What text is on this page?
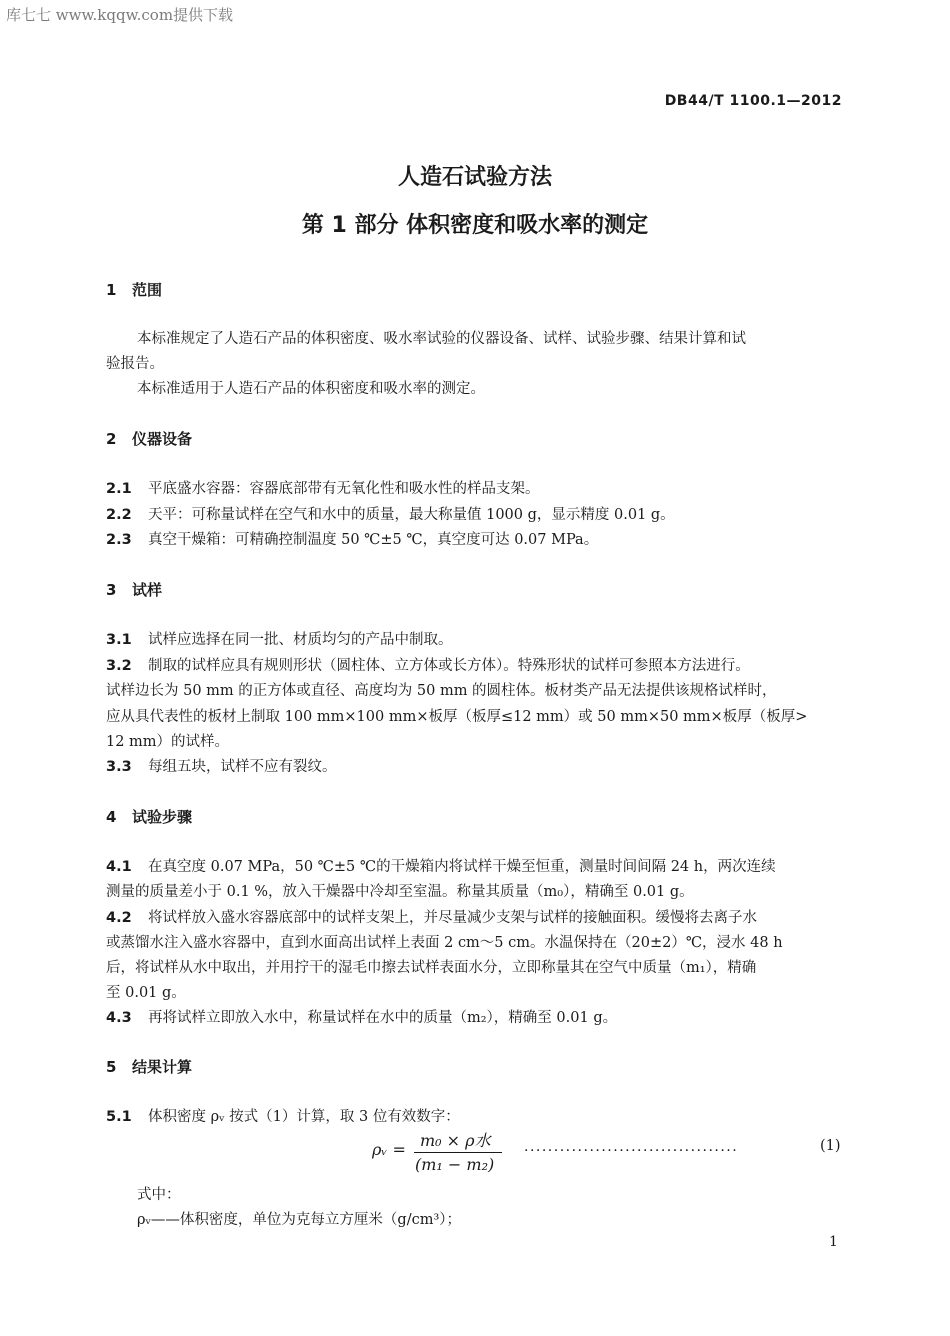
库七七 www.kqqw.com提供下载
DB44/T 1100.1—2012
人造石试验方法
第 1 部分 体积密度和吸水率的测定
1 范围
本标准规定了人造石产品的体积密度、吸水率试验的仪器设备、试样、试验步骤、结果计算和试
验报告。
本标准适用于人造石产品的体积密度和吸水率的测定。
2 仪器设备
2.1 平底盛水容器：容器底部带有无氧化性和吸水性的样品支架。
2.2 天平：可称量试样在空气和水中的质量，最大称量值 1000 g，显示精度 0.01 g。
2.3 真空干燥箱：可精确控制温度 50 ℃±5 ℃，真空度可达 0.07 MPa。
3 试样
3.1 试样应选择在同一批、材质均匀的产品中制取。
3.2 制取的试样应具有规则形状（圆柱体、立方体或长方体）。特殊形状的试样可参照本方法进行。
试样边长为 50 mm 的正方体或直径、高度均为 50 mm 的圆柱体。板材类产品无法提供该规格试样时，
应从具代表性的板材上制取 100 mm×100 mm×板厚（板厚≤12 mm）或 50 mm×50 mm×板厚（板厚>
12 mm）的试样。
3.3 每组五块，试样不应有裂纹。
4 试验步骤
4.1 在真空度 0.07 MPa，50 ℃±5 ℃的干燥箱内将试样干燥至恒重，测量时间间隔 24 h，两次连续
测量的质量差小于 0.1 %，放入干燥器中冷却至室温。称量其质量（m₀），精确至 0.01 g。
4.2 将试样放入盛水容器底部中的试样支架上，并尽量减少支架与试样的接触面积。缓慢将去离子水
或蒸馏水注入盛水容器中，直到水面高出试样上表面 2 cm～5 cm。水温保持在（20±2）℃，浸水 48 h
后，将试样从水中取出，并用拧干的湿毛巾擦去试样表面水分，立即称量其在空气中质量（m₁），精确
至 0.01 g。
4.3 再将试样立即放入水中，称量试样在水中的质量（m₂），精确至 0.01 g。
5 结果计算
5.1 体积密度 ρᵥ 按式（1）计算，取 3 位有效数字：
ρᵥ = m₀ × ρ水
(m₁ − m₂)
....................................	(1)
式中：
ρᵥ——体积密度，单位为克每立方厘米（g/cm³）；
1
